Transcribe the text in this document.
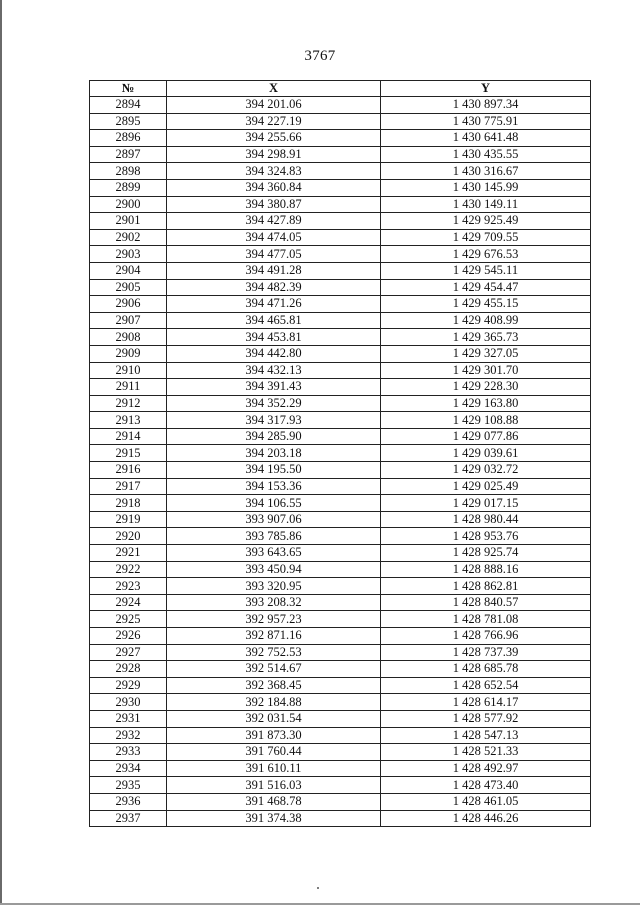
3767
№	X	Y
2894	394 201.06	1 430 897.34
2895	394 227.19	1 430 775.91
2896	394 255.66	1 430 641.48
2897	394 298.91	1 430 435.55
2898	394 324.83	1 430 316.67
2899	394 360.84	1 430 145.99
2900	394 380.87	1 430 149.11
2901	394 427.89	1 429 925.49
2902	394 474.05	1 429 709.55
2903	394 477.05	1 429 676.53
2904	394 491.28	1 429 545.11
2905	394 482.39	1 429 454.47
2906	394 471.26	1 429 455.15
2907	394 465.81	1 429 408.99
2908	394 453.81	1 429 365.73
2909	394 442.80	1 429 327.05
2910	394 432.13	1 429 301.70
2911	394 391.43	1 429 228.30
2912	394 352.29	1 429 163.80
2913	394 317.93	1 429 108.88
2914	394 285.90	1 429 077.86
2915	394 203.18	1 429 039.61
2916	394 195.50	1 429 032.72
2917	394 153.36	1 429 025.49
2918	394 106.55	1 429 017.15
2919	393 907.06	1 428 980.44
2920	393 785.86	1 428 953.76
2921	393 643.65	1 428 925.74
2922	393 450.94	1 428 888.16
2923	393 320.95	1 428 862.81
2924	393 208.32	1 428 840.57
2925	392 957.23	1 428 781.08
2926	392 871.16	1 428 766.96
2927	392 752.53	1 428 737.39
2928	392 514.67	1 428 685.78
2929	392 368.45	1 428 652.54
2930	392 184.88	1 428 614.17
2931	392 031.54	1 428 577.92
2932	391 873.30	1 428 547.13
2933	391 760.44	1 428 521.33
2934	391 610.11	1 428 492.97
2935	391 516.03	1 428 473.40
2936	391 468.78	1 428 461.05
2937	391 374.38	1 428 446.26
